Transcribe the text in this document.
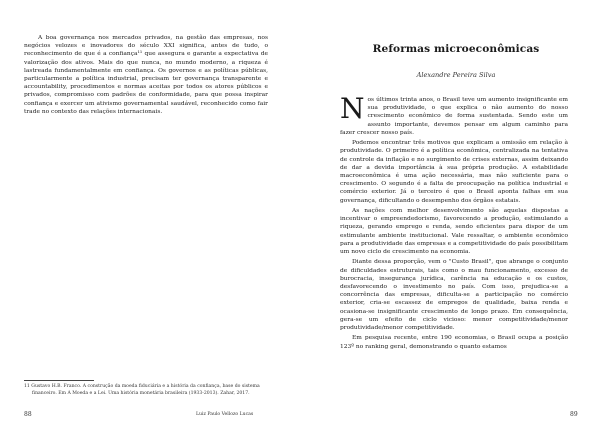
A boa governança nos mercados privados, na gestão das empresas, nos negócios velozes e inovadores do século XXI significa, antes de tudo, o reconhecimento de que é a confiança¹¹ que assegura e garante a expectativa de valorização dos ativos. Mais do que nunca, no mundo moderno, a riqueza é lastreada fundamentalmente em confiança. Os governos e as políticas públicas, particularmente a política industrial, precisam ter governança transparente e accountability, procedimentos e normas aceitas por todos os atores públicos e privados, compromisso com padrões de conformidade, para que possa inspirar confiança e exercer um ativismo governamental saudável, reconhecido como fair trade no contexto das relações internacionais.

11 Gustavo H.B. Franco. A construção da moeda fiduciária e a história da confiança, base do sistema financeiro. Em A Moeda e a Lei. Uma história monetária brasileira (1933-2013). Zahar, 2017.
88	Luiz Paulo Vellozo Lucas
Reformas microeconômicas
Alexandre Pereira Silva

Nos últimos trinta anos, o Brasil teve um aumento insignificante em sua produtividade, o que explica o não aumento do nosso crescimento econômico de forma sustentada. Sendo este um assunto importante, devemos pensar em algum caminho para fazer crescer nosso país.

Podemos encontrar três motivos que explicam a omissão em relação à produtividade. O primeiro é a política econômica, centralizada na tentativa de controle da inflação e no surgimento de crises externas, assim deixando de dar a devida importância à sua própria produção. A estabilidade macroeconômica é uma ação necessária, mas não suficiente para o crescimento. O segundo é a falta de preocupação na política industrial e comércio exterior. Já o terceiro é que o Brasil aponta falhas em sua governança, dificultando o desempenho dos órgãos estatais.

As nações com melhor desenvolvimento são aquelas dispostas a incentivar o empreendedorismo, favorecendo a produção, estimulando a riqueza, gerando emprego e renda, sendo eficientes para dispor de um estimulante ambiente institucional. Vale ressaltar, o ambiente econômico para a produtividade das empresas e a competitividade do país possibilitam um novo ciclo de crescimento na economia.

Diante dessa proporção, vem o "Custo Brasil", que abrange o conjunto de dificuldades estruturais, tais como o mau funcionamento, excesso de burocracia, insegurança jurídica, carência na educação e os custos, desfavorecendo o investimento no país. Com isso, prejudica-se a concorrência das empresas, dificulta-se a participação no comércio exterior, cria-se escassez de empregos de qualidade, baixa renda e ocasiona-se insignificante crescimento de longo prazo. Em consequência, gera-se um efeito de ciclo vicioso: menor competitividade/menor produtividade/menor competitividade.

Em pesquisa recente, entre 190 economias, o Brasil ocupa a posição 123º no ranking geral, demonstrando o quanto estamos

89
